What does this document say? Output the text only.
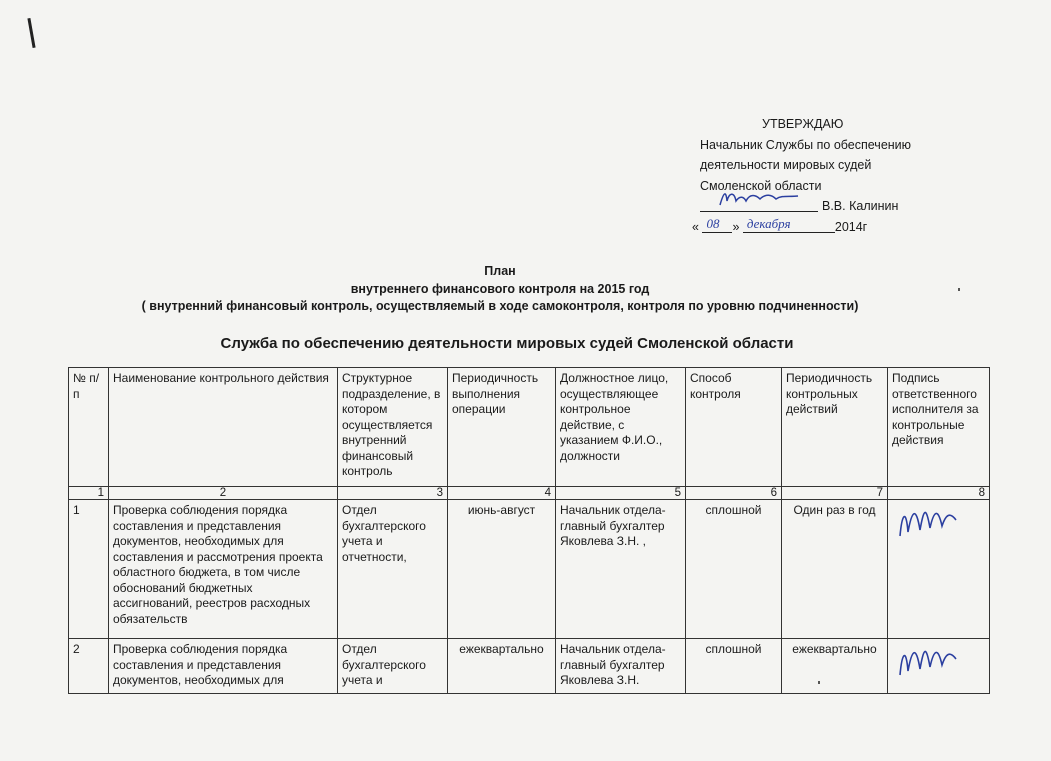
УТВЕРЖДАЮ
Начальник Службы по обеспечению
деятельности мировых судей
Смоленской области
В.В. Калинин
« 08 » декабря	2014г
План
внутреннего финансового контроля на 2015 год
( внутренний финансовый контроль, осуществляемый в ходе самоконтроля, контроля по уровню подчиненности)
Служба по обеспечению деятельности мировых судей Смоленской области
№ п/п	Наименование контрольного действия	Структурное подразделение, в котором осуществляется внутренний финансовый контроль	Периодичность выполнения операции	Должностное лицо, осуществляющее контрольное действие, с указанием Ф.И.О., должности	Способ контроля	Периодичность контрольных действий	Подпись ответственного исполнителя за контрольные действия
1	2	3	4	5	6	7	8
1	Проверка соблюдения порядка составления и представления документов, необходимых для составления и рассмотрения проекта областного бюджета, в том числе обоснований бюджетных ассигнований, реестров расходных обязательств	Отдел бухгалтерского учета и отчетности,	июнь-август	Начальник отдела-главный бухгалтер Яковлева З.Н. ,	сплошной	Один раз в год	

2	Проверка соблюдения порядка составления и представления документов, необходимых для	Отдел бухгалтерского учета и	ежеквартально	Начальник отдела-главный бухгалтер Яковлева З.Н.	сплошной	ежеквартально	
